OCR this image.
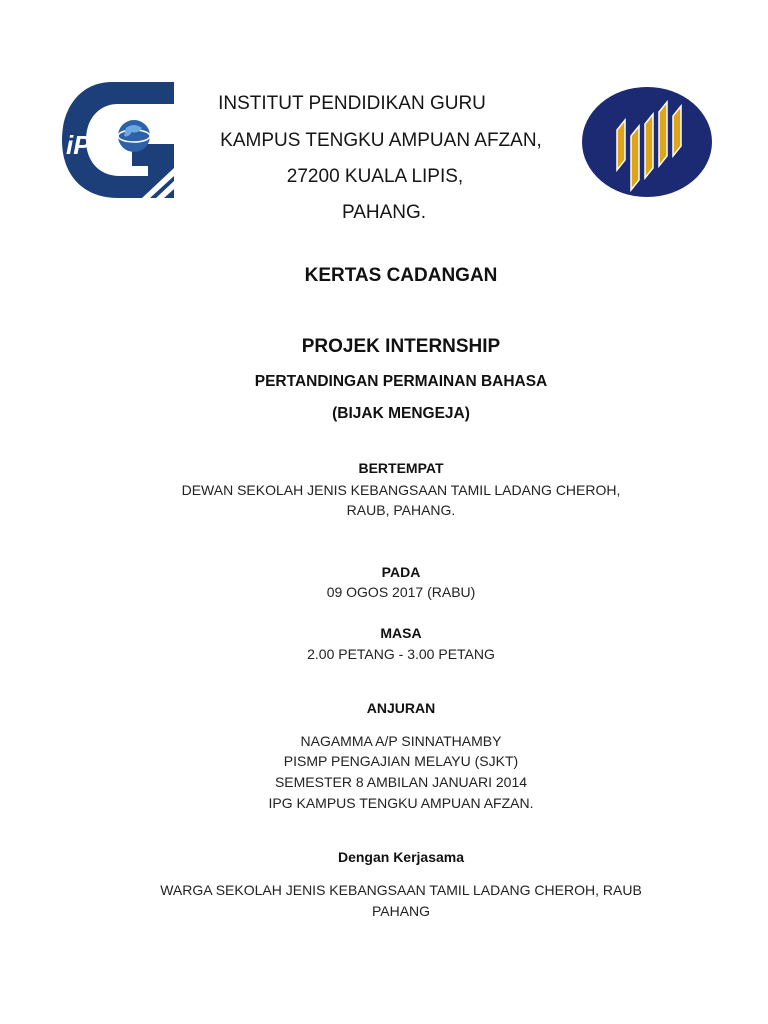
iPG
INSTITUT PENDIDIKAN GURU
KAMPUS TENGKU AMPUAN AFZAN,
27200 KUALA LIPIS,
PAHANG.
KERTAS CADANGAN
PROJEK INTERNSHIP
PERTANDINGAN PERMAINAN BAHASA
(BIJAK MENGEJA)
BERTEMPAT
DEWAN SEKOLAH JENIS KEBANGSAAN TAMIL LADANG CHEROH,
RAUB, PAHANG.
PADA
09 OGOS 2017 (RABU)
MASA
2.00 PETANG - 3.00 PETANG
ANJURAN
NAGAMMA A/P SINNATHAMBY
PISMP PENGAJIAN MELAYU (SJKT)
SEMESTER 8 AMBILAN JANUARI 2014
IPG KAMPUS TENGKU AMPUAN AFZAN.
Dengan Kerjasama
WARGA SEKOLAH JENIS KEBANGSAAN TAMIL LADANG CHEROH, RAUB
PAHANG
